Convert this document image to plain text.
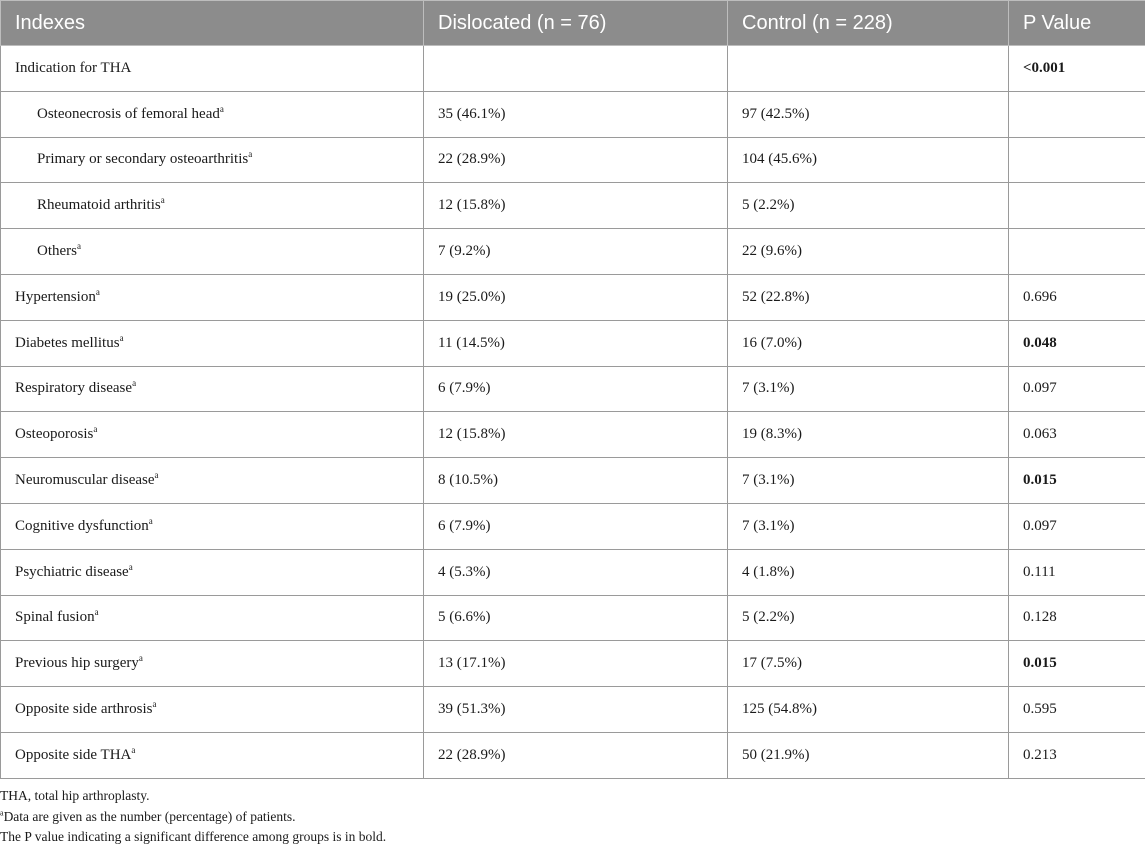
Indexes	Dislocated (n = 76)	Control (n = 228)	P Value
Indication for THA			<0.001
Osteonecrosis of femoral head$^a$	35 (46.1%)	97 (42.5%)	
Primary or secondary osteoarthritis$^a$	22 (28.9%)	104 (45.6%)	
Rheumatoid arthritis$^a$	12 (15.8%)	5 (2.2%)	
Others$^a$	7 (9.2%)	22 (9.6%)	
Hypertension$^a$	19 (25.0%)	52 (22.8%)	0.696
Diabetes mellitus$^a$	11 (14.5%)	16 (7.0%)	0.048
Respiratory disease$^a$	6 (7.9%)	7 (3.1%)	0.097
Osteoporosis$^a$	12 (15.8%)	19 (8.3%)	0.063
Neuromuscular disease$^a$	8 (10.5%)	7 (3.1%)	0.015
Cognitive dysfunction$^a$	6 (7.9%)	7 (3.1%)	0.097
Psychiatric disease$^a$	4 (5.3%)	4 (1.8%)	0.111
Spinal fusion$^a$	5 (6.6%)	5 (2.2%)	0.128
Previous hip surgery$^a$	13 (17.1%)	17 (7.5%)	0.015
Opposite side arthrosis$^a$	39 (51.3%)	125 (54.8%)	0.595
Opposite side THA$^a$	22 (28.9%)	50 (21.9%)	0.213
THA, total hip arthroplasty.
$^a$Data are given as the number (percentage) of patients.
The P value indicating a significant difference among groups is in bold.
